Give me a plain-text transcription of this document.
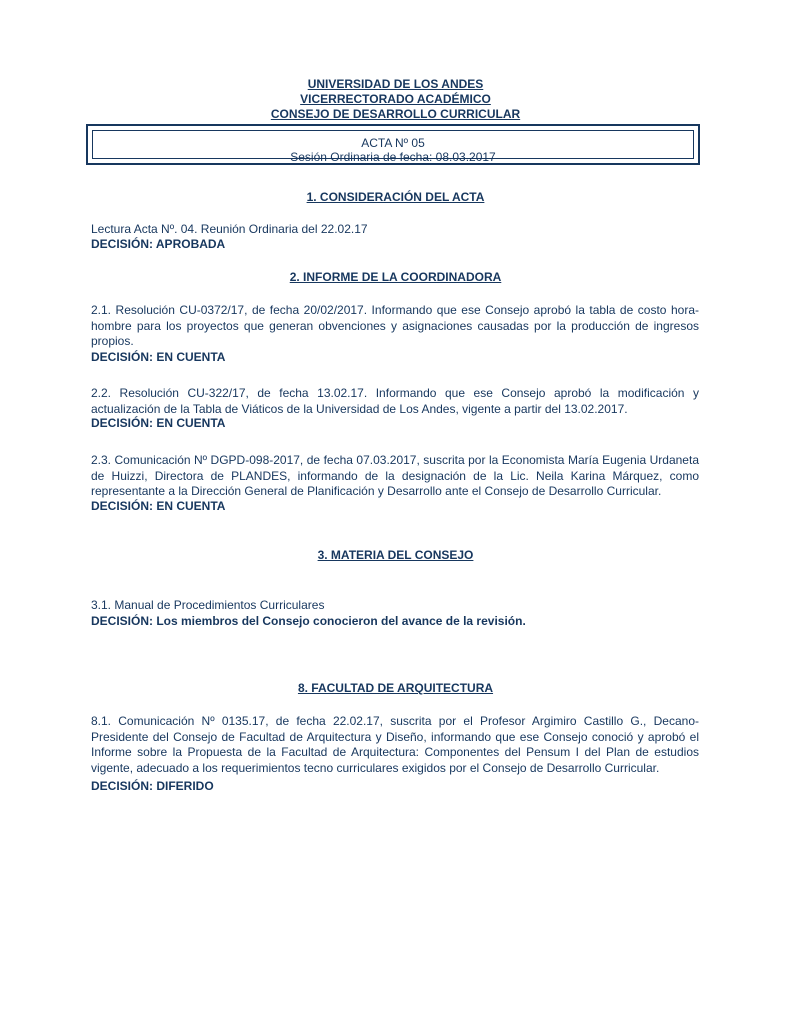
UNIVERSIDAD DE LOS ANDES
VICERRECTORADO ACADÉMICO
CONSEJO DE DESARROLLO CURRICULAR
ACTA Nº 05
Sesión Ordinaria de fecha: 08.03.2017
1. CONSIDERACIÓN DEL ACTA
Lectura Acta Nº. 04. Reunión Ordinaria del 22.02.17
DECISIÓN: APROBADA
2. INFORME DE LA COORDINADORA
2.1. Resolución CU-0372/17, de fecha 20/02/2017. Informando que ese Consejo aprobó la tabla de costo hora-hombre para los proyectos que generan obvenciones y asignaciones causadas por la producción de ingresos propios.
DECISIÓN: EN CUENTA
2.2. Resolución CU-322/17, de fecha 13.02.17. Informando que ese Consejo aprobó la modificación y actualización de la Tabla de Viáticos de la Universidad de Los Andes, vigente a partir del 13.02.2017.
DECISIÓN: EN CUENTA
2.3. Comunicación Nº DGPD-098-2017, de fecha 07.03.2017, suscrita por la Economista María Eugenia Urdaneta de Huizzi, Directora de PLANDES, informando de la designación de la Lic. Neila Karina Márquez, como representante a la Dirección General de Planificación y Desarrollo ante el Consejo de Desarrollo Curricular.
DECISIÓN: EN CUENTA
3. MATERIA DEL CONSEJO
3.1. Manual de Procedimientos Curriculares
DECISIÓN: Los miembros del Consejo conocieron del avance de la revisión.
8. FACULTAD DE ARQUITECTURA
8.1. Comunicación Nº 0135.17, de fecha 22.02.17, suscrita por el Profesor Argimiro Castillo G., Decano-Presidente del Consejo de Facultad de Arquitectura y Diseño, informando que ese Consejo conoció y aprobó el Informe sobre la Propuesta de la Facultad de Arquitectura: Componentes del Pensum I del Plan de estudios vigente, adecuado a los requerimientos tecno curriculares exigidos por el Consejo de Desarrollo Curricular.
DECISIÓN: DIFERIDO
